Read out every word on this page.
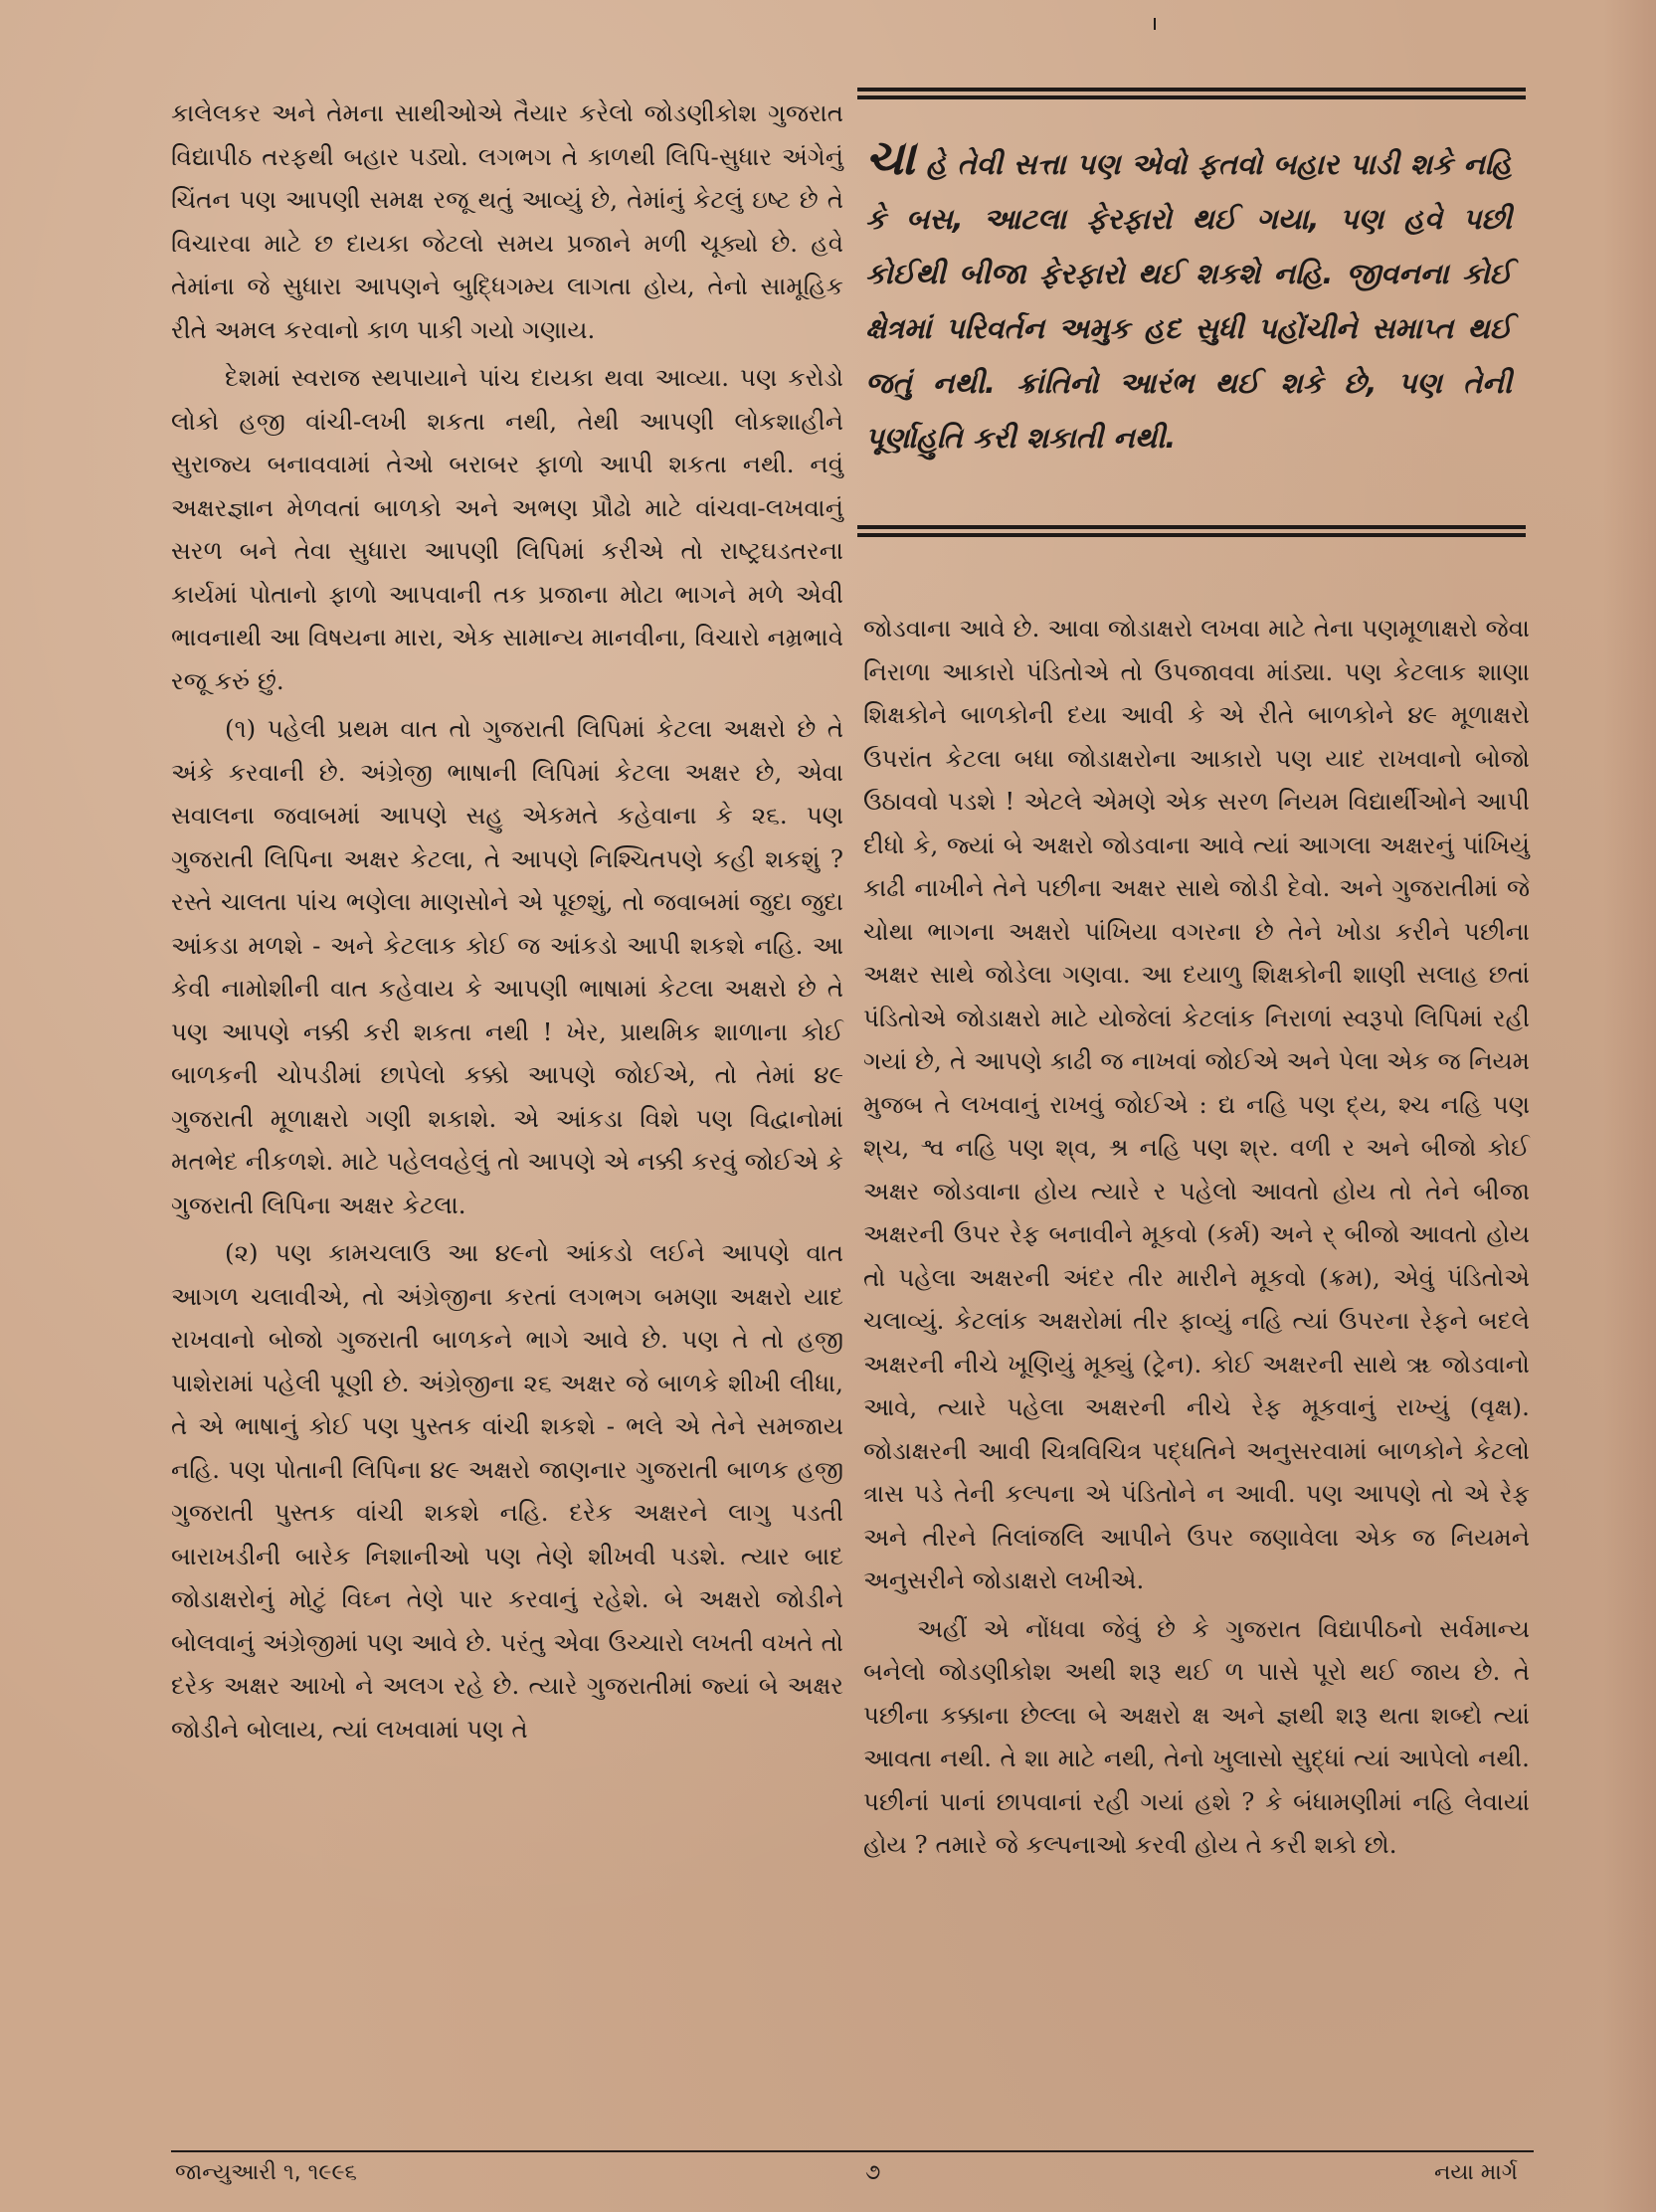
કાલેલકર અને તેમના સાથીઓએ તૈયાર કરેલો જોડણીકોશ ગુજરાત વિદ્યાપીઠ તરફથી બહાર પડ્યો. લગભગ તે કાળથી લિપિ-સુધાર અંગેનું ચિંતન પણ આપણી સમક્ષ રજૂ થતું આવ્યું છે, તેમાંનું કેટલું ઇષ્ટ છે તે વિચારવા માટે છ દાયકા જેટલો સમય પ્રજાને મળી ચૂક્યો છે. હવે તેમાંના જે સુધારા આપણને બુદ્ધિગમ્ય લાગતા હોય, તેનો સામૂહિક રીતે અમલ કરવાનો કાળ પાકી ગયો ગણાય.

દેશમાં સ્વરાજ સ્થપાયાને પાંચ દાયકા થવા આવ્યા. પણ કરોડો લોકો હજી વાંચી-લખી શકતા નથી, તેથી આપણી લોકશાહીને સુરાજ્ય બનાવવામાં તેઓ બરાબર ફાળો આપી શકતા નથી. નવું અક્ષરજ્ઞાન મેળવતાં બાળકો અને અભણ પ્રૌઢો માટે વાંચવા-લખવાનું સરળ બને તેવા સુધારા આપણી લિપિમાં કરીએ તો રાષ્ટ્રઘડતરના કાર્યમાં પોતાનો ફાળો આપવાની તક પ્રજાના મોટા ભાગને મળે એવી ભાવનાથી આ વિષયના મારા, એક સામાન્ય માનવીના, વિચારો નમ્રભાવે રજૂ કરું છું.

(૧) પહેલી પ્રથમ વાત તો ગુજરાતી લિપિમાં કેટલા અક્ષરો છે તે અંકે કરવાની છે. અંગ્રેજી ભાષાની લિપિમાં કેટલા અક્ષર છે, એવા સવાલના જવાબમાં આપણે સહુ એકમતે કહેવાના કે ૨૬. પણ ગુજરાતી લિપિના અક્ષર કેટલા, તે આપણે નિશ્ચિતપણે કહી શકશું ? રસ્તે ચાલતા પાંચ ભણેલા માણસોને એ પૂછશું, તો જવાબમાં જુદા જુદા આંકડા મળશે - અને કેટલાક કોઈ જ આંકડો આપી શકશે નહિ. આ કેવી નામોશીની વાત કહેવાય કે આપણી ભાષામાં કેટલા અક્ષરો છે તે પણ આપણે નક્કી કરી શકતા નથી ! ખેર, પ્રાથમિક શાળાના કોઈ બાળકની ચોપડીમાં છાપેલો કક્કો આપણે જોઈએ, તો તેમાં ૪૯ ગુજરાતી મૂળાક્ષરો ગણી શકાશે. એ આંકડા વિશે પણ વિદ્વાનોમાં મતભેદ નીકળશે. માટે પહેલવહેલું તો આપણે એ નક્કી કરવું જોઈએ કે ગુજરાતી લિપિના અક્ષર કેટલા.

(૨) પણ કામચલાઉ આ ૪૯નો આંકડો લઈને આપણે વાત આગળ ચલાવીએ, તો અંગ્રેજીના કરતાં લગભગ બમણા અક્ષરો યાદ રાખવાનો બોજો ગુજરાતી બાળકને ભાગે આવે છે. પણ તે તો હજી પાશેરામાં પહેલી પૂણી છે. અંગ્રેજીના ૨૬ અક્ષર જે બાળકે શીખી લીધા, તે એ ભાષાનું કોઈ પણ પુસ્તક વાંચી શકશે - ભલે એ તેને સમજાય નહિ. પણ પોતાની લિપિના ૪૯ અક્ષરો જાણનાર ગુજરાતી બાળક હજી ગુજરાતી પુસ્તક વાંચી શકશે નહિ. દરેક અક્ષરને લાગુ પડતી બારાખડીની બારેક નિશાનીઓ પણ તેણે શીખવી પડશે. ત્યાર બાદ જોડાક્ષરોનું મોટું વિઘ્ન તેણે પાર કરવાનું રહેશે. બે અક્ષરો જોડીને બોલવાનું અંગ્રેજીમાં પણ આવે છે. પરંતુ એવા ઉચ્ચારો લખતી વખતે તો દરેક અક્ષર આખો ને અલગ રહે છે. ત્યારે ગુજરાતીમાં જ્યાં બે અક્ષર જોડીને બોલાય, ત્યાં લખવામાં પણ તે

ચા હે તેવી સત્તા પણ એવો ફતવો બહાર પાડી શકે નહિ કે બસ, આટલા ફેરફારો થઈ ગયા, પણ હવે પછી કોઈથી બીજા ફેરફારો થઈ શકશે નહિ. જીવનના કોઈ ક્ષેત્રમાં પરિવર્તન અમુક હદ સુધી પહોંચીને સમાપ્ત થઈ જતું નથી. ક્રાંતિનો આરંભ થઈ શકે છે, પણ તેની પૂર્ણાહુતિ કરી શકાતી નથી.

જોડવાના આવે છે. આવા જોડાક્ષરો લખવા માટે તેના પણમૂળાક્ષરો જેવા નિરાળા આકારો પંડિતોએ તો ઉપજાવવા માંડ્યા. પણ કેટલાક શાણા શિક્ષકોને બાળકોની દયા આવી કે એ રીતે બાળકોને ૪૯ મૂળાક્ષરો ઉપરાંત કેટલા બધા જોડાક્ષરોના આકારો પણ યાદ રાખવાનો બોજો ઉઠાવવો પડશે ! એટલે એમણે એક સરળ નિયમ વિદ્યાર્થીઓને આપી દીધો કે, જ્યાં બે અક્ષરો જોડવાના આવે ત્યાં આગલા અક્ષરનું પાંખિયું કાઢી નાખીને તેને પછીના અક્ષર સાથે જોડી દેવો. અને ગુજરાતીમાં જે ચોથા ભાગના અક્ષરો પાંખિયા વગરના છે તેને ખોડા કરીને પછીના અક્ષર સાથે જોડેલા ગણવા. આ દયાળુ શિક્ષકોની શાણી સલાહ છતાં પંડિતોએ જોડાક્ષરો માટે યોજેલાં કેટલાંક નિરાળાં સ્વરૂપો લિપિમાં રહી ગયાં છે, તે આપણે કાઢી જ નાખવાં જોઈએ અને પેલા એક જ નિયમ મુજબ તે લખવાનું રાખવું જોઈએ : દ્ય નહિ પણ દ્‌ય, શ્ચ નહિ પણ શ્‌ચ, શ્વ નહિ પણ શ્‌વ, શ્ર નહિ પણ શ્‌ર. વળી ર અને બીજો કોઈ અક્ષર જોડવાના હોય ત્યારે ર પહેલો આવતો હોય તો તેને બીજા અક્ષરની ઉપર રેફ બનાવીને મૂકવો (કર્મ) અને ર્ બીજો આવતો હોય તો પહેલા અક્ષરની અંદર તીર મારીને મૂકવો (ક્રમ), એવું પંડિતોએ ચલાવ્યું. કેટલાંક અક્ષરોમાં તીર ફાવ્યું નહિ ત્યાં ઉપરના રેફને બદલે અક્ષરની નીચે ખૂણિયું મૂક્યું (ટ્રેન). કોઈ અક્ષરની સાથે ૠ જોડવાનો આવે, ત્યારે પહેલા અક્ષરની નીચે રેફ મૂકવાનું રાખ્યું (વૃક્ષ). જોડાક્ષરની આવી ચિત્રવિચિત્ર પદ્ધતિને અનુસરવામાં બાળકોને કેટલો ત્રાસ પડે તેની કલ્પના એ પંડિતોને ન આવી. પણ આપણે તો એ રેફ અને તીરને તિલાંજલિ આપીને ઉપર જણાવેલા એક જ નિયમને અનુસરીને જોડાક્ષરો લખીએ.

અહીં એ નોંધવા જેવું છે કે ગુજરાત વિદ્યાપીઠનો સર્વમાન્ય બનેલો જોડણીકોશ અથી શરૂ થઈ ળ પાસે પૂરો થઈ જાય છે. તે પછીના કક્કાના છેલ્લા બે અક્ષરો ક્ષ અને જ્ઞથી શરૂ થતા શબ્દો ત્યાં આવતા નથી. તે શા માટે નથી, તેનો ખુલાસો સુદ્ધાં ત્યાં આપેલો નથી. પછીનાં પાનાં છાપવાનાં રહી ગયાં હશે ? કે બંધામણીમાં નહિ લેવાયાં હોય ? તમારે જે કલ્પનાઓ કરવી હોય તે કરી શકો છો.

જાન્યુઆરી ૧, ૧૯૯૬	૭	નયા માર્ગ
